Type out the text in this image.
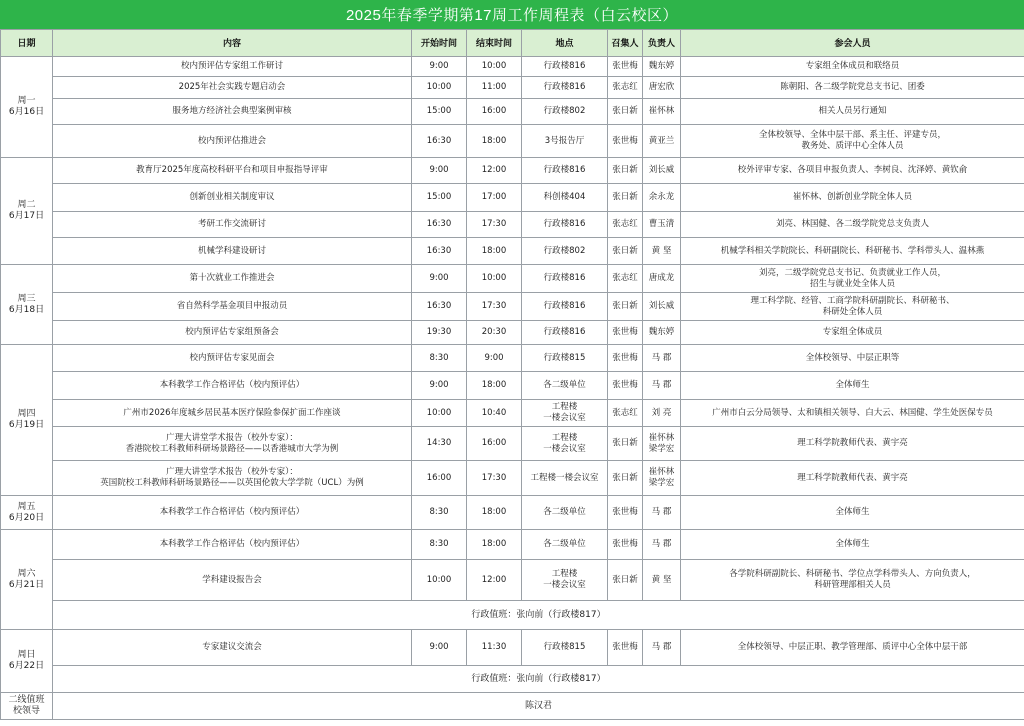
2025年春季学期第17周工作周程表（白云校区）
日期	内容	开始时间	结束时间	地点	召集人	负责人	参会人员
周一
6月16日	校内预评估专家组工作研讨	9:00	10:00	行政楼816	张世梅	魏东婷	专家组全体成员和联络员
	2025年社会实践专题启动会	10:00	11:00	行政楼816	张志红	唐宏欣	陈朝阳、各二级学院党总支书记、团委
	服务地方经济社会典型案例审核	15:00	16:00	行政楼802	张日新	崔怀林	相关人员另行通知
	校内预评估推进会	16:30	18:00	3号报告厅	张世梅	黄亚兰	全体校领导、全体中层干部、系主任、评建专员，
教务处、质评中心全体人员
周二
6月17日	教育厅2025年度高校科研平台和项目申报指导评审	9:00	12:00	行政楼816	张日新	刘长威	校外评审专家、各项目申报负责人、李树良、沈泽婷、黄钦俞
	创新创业相关制度审议	15:00	17:00	科创楼404	张日新	余永龙	崔怀林、创新创业学院全体人员
	考研工作交流研讨	16:30	17:30	行政楼816	张志红	曹玉清	刘亮、林国健、各二级学院党总支负责人
	机械学科建设研讨	16:30	18:00	行政楼802	张日新	黄 坚	机械学科相关学院院长、科研副院长、科研秘书、学科带头人、温林燕
周三
6月18日	第十次就业工作推进会	9:00	10:00	行政楼816	张志红	唐成龙	刘亮，二级学院党总支书记、负责就业工作人员，
招生与就业处全体人员
	省自然科学基金项目申报动员	16:30	17:30	行政楼816	张日新	刘长威	理工科学院、经管、工商学院科研副院长、科研秘书、
科研处全体人员
	校内预评估专家组预备会	19:30	20:30	行政楼816	张世梅	魏东婷	专家组全体成员
周四
6月19日	校内预评估专家见面会	8:30	9:00	行政楼815	张世梅	马 郡	全体校领导、中层正职等
	本科教学工作合格评估（校内预评估）	9:00	18:00	各二级单位	张世梅	马 郡	全体师生
	广州市2026年度城乡居民基本医疗保险参保扩面工作座谈	10:00	10:40	工程楼
一楼会议室	张志红	刘 亮	广州市白云分局领导、太和镇相关领导、白大云、林国健、学生处医保专员
	广理大讲堂学术报告（校外专家）：
香港院校工科教师科研场景路径——以香港城市大学为例	14:30	16:00	工程楼
一楼会议室	张日新	崔怀林
梁学宏	理工科学院教师代表、黄宇亮
	广理大讲堂学术报告（校外专家）：
英国院校工科教师科研场景路径——以英国伦敦大学学院（UCL）为例	16:00	17:30	工程楼一楼会议室	张日新	崔怀林
梁学宏	理工科学院教师代表、黄宇亮
周五
6月20日	本科教学工作合格评估（校内预评估）	8:30	18:00	各二级单位	张世梅	马 郡	全体师生
周六
6月21日	本科教学工作合格评估（校内预评估）	8:30	18:00	各二级单位	张世梅	马 郡	全体师生
	学科建设报告会	10:00	12:00	工程楼
一楼会议室	张日新	黄 坚	各学院科研副院长、科研秘书、学位点学科带头人、方向负责人，
科研管理部相关人员
	行政值班：张向前（行政楼817）						
周日
6月22日	专家建议交流会	9:00	11:30	行政楼815	张世梅	马 郡	全体校领导、中层正职、教学管理部、质评中心全体中层干部
	行政值班：张向前（行政楼817）						
二线值班
校领导	陈汉君						
